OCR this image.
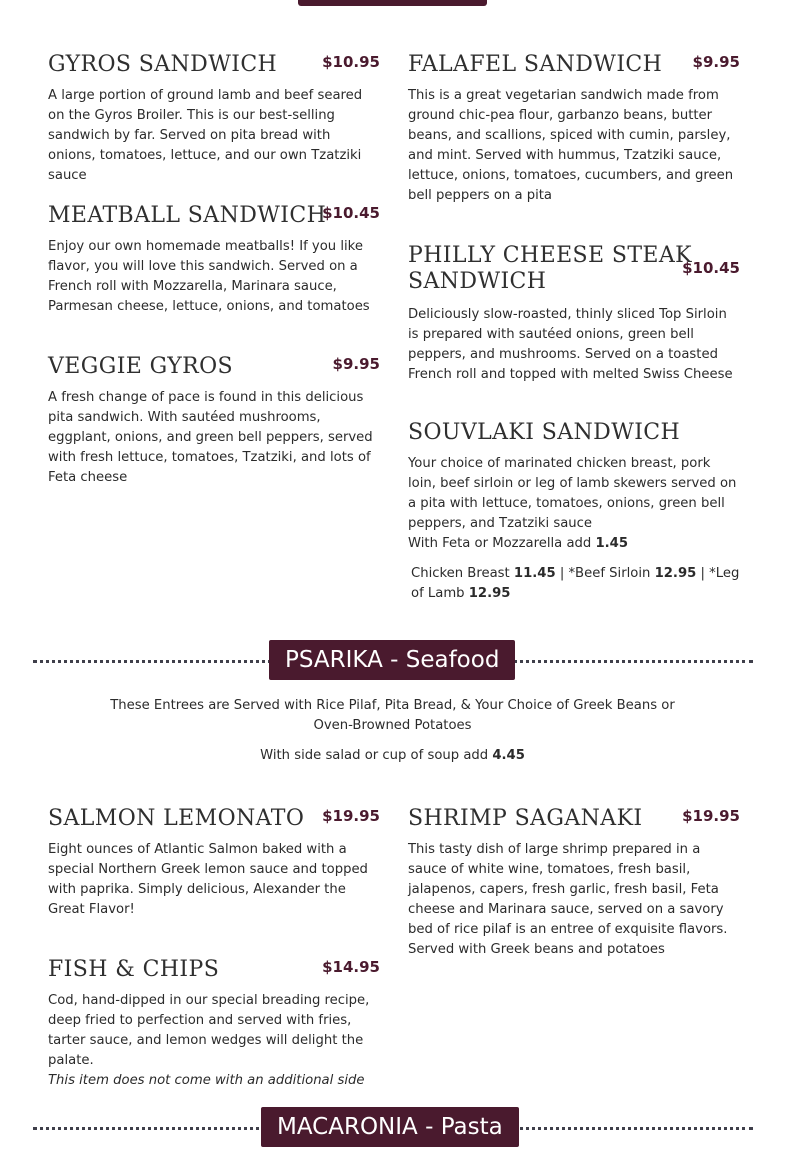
GYROS SANDWICH	$10.95
A large portion of ground lamb and beef seared on the Gyros Broiler. This is our best-selling sandwich by far. Served on pita bread with onions, tomatoes, lettuce, and our own Tzatziki sauce
MEATBALL SANDWICH
$10.45
Enjoy our own homemade meatballs! If you like flavor, you will love this sandwich. Served on a French roll with Mozzarella, Marinara sauce, Parmesan cheese, lettuce, onions, and tomatoes
VEGGIE GYROS	$9.95
A fresh change of pace is found in this delicious pita sandwich. With sautéed mushrooms, eggplant, onions, and green bell peppers, served with fresh lettuce, tomatoes, Tzatziki, and lots of Feta cheese
FALAFEL SANDWICH	$9.95
This is a great vegetarian sandwich made from ground chic-pea flour, garbanzo beans, butter beans, and scallions, spiced with cumin, parsley, and mint. Served with hummus, Tzatziki sauce, lettuce, onions, tomatoes, cucumbers, and green bell peppers on a pita
PHILLY CHEESE STEAK SANDWICH
$10.45
Deliciously slow-roasted, thinly sliced Top Sirloin is prepared with sautéed onions, green bell peppers, and mushrooms. Served on a toasted French roll and topped with melted Swiss Cheese
SOUVLAKI SANDWICH

Your choice of marinated chicken breast, pork loin, beef sirloin or leg of lamb skewers served on a pita with lettuce, tomatoes, onions, green bell peppers, and Tzatziki sauce

With Feta or Mozzarella add 1.45

Chicken Breast 11.45 | *Beef Sirloin 12.95 | *Leg of Lamb 12.95

PSARIKA - Seafood
These Entrees are Served with Rice Pilaf, Pita Bread, & Your Choice of Greek Beans or Oven-Browned Potatoes
With side salad or cup of soup add 4.45
SALMON LEMONATO	$19.95
Eight ounces of Atlantic Salmon baked with a special Northern Greek lemon sauce and topped with paprika. Simply delicious, Alexander the Great Flavor!
FISH & CHIPS	$14.95

Cod, hand-dipped in our special breading recipe, deep fried to perfection and served with fries, tarter sauce, and lemon wedges will delight the palate.

This item does not come with an additional side

SHRIMP SAGANAKI	$19.95
This tasty dish of large shrimp prepared in a sauce of white wine, tomatoes, fresh basil, jalapenos, capers, fresh garlic, fresh basil, Feta cheese and Marinara sauce, served on a savory bed of rice pilaf is an entree of exquisite flavors. Served with Greek beans and potatoes
MACARONIA - Pasta
